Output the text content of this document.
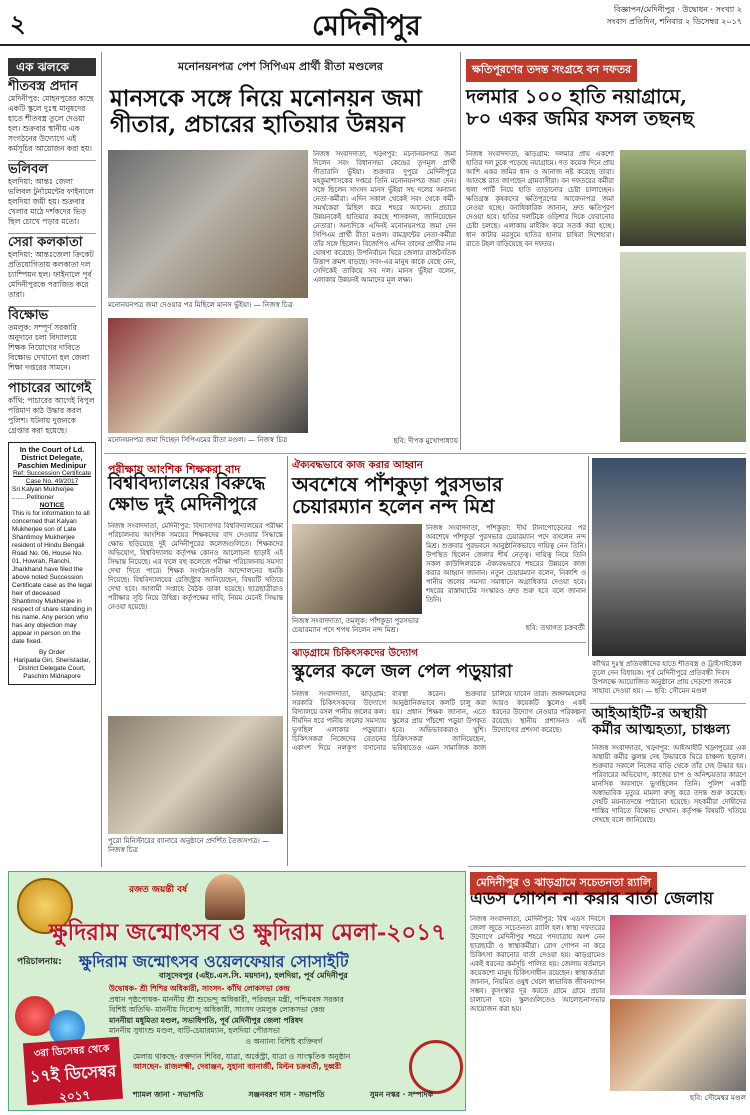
২	মেদিনীপুর	বিজ্ঞাপন/মেদিনীপুর · উদ্বোধন · সংখ্যা ২
সংবাদ প্রতিদিন, শনিবার ২ ডিসেম্বর ২০১৭
এক ঝলকে
শীতবস্ত্র প্রদান
মেদিনীপুর: মোহনপুরের কাছে একটি স্কুলে দুঃস্থ মানুষদের হাতে শীতবস্ত্র তুলে দেওয়া হল। শুক্রবার স্থানীয় এক সংগঠনের উদ্যোগে এই কর্মসূচির আয়োজন করা হয়।
ভলিবল
হলদিয়া: আন্তঃ জেলা ভলিবল টুর্নামেন্টের ফাইনালে হলদিয়া জয়ী হয়। শুক্রবার খেলার মাঠে দর্শকদের ভিড় ছিল চোখে পড়ার মতো।
সেরা কলকাতা
হলদিয়া: আন্তঃজেলা ক্রিকেট প্রতিযোগিতায় কলকাতা দল চ্যাম্পিয়ন হল। ফাইনালে পূর্ব মেদিনীপুরকে পরাজিত করে তারা।
বিক্ষোভ
তমলুক: সম্পূর্ণ সরকারি অনুদানে চলা বিদ্যালয়ে শিক্ষক নিয়োগের দাবিতে বিক্ষোভ দেখানো হল জেলা শিক্ষা দপ্তরের সামনে।
পাচারের আগেই
কাঁথি: পাচারের আগেই বিপুল পরিমাণ কাঠ উদ্ধার করল পুলিশ। ঘটনায় দুজনকে গ্রেপ্তার করা হয়েছে।
In the Court of Ld. District Delegate, Paschim Medinipur
Ref: Succession Certificate Case No. 49/2017
Sri Kalyan Mukherjee ........Petitioner
NOTICE
This is for information to all concerned that Kalyan Mukherjee son of Late Shantimoy Mukherjee resident of Hindu Bengali Road No. 06, House No. 01, Howrah, Ranchi, Jharkhand have filed the above noted Succession Certificate case as the legal heir of deceased Shantimoy Mukherjee in respect of share standing in his name. Any person who has any objection may appear in person on the date fixed.
By Order
Haripada Giri, Sheristadar, District Delegate Court, Paschim Midnapore
মনোনয়নপত্র পেশ সিপিএম প্রার্থী রীতা মণ্ডলের
মানসকে সঙ্গে নিয়ে মনোনয়ন জমা
গীতার, প্রচারের হাতিয়ার উন্নয়ন
মনোনয়নপত্র জমা দেওয়ার পর মিছিলে মানস ভুঁইয়া। — নিজস্ব চিত্র
মনোনয়নপত্র জমা দিচ্ছেন সিপিএমের রীতা মণ্ডল। — নিজস্ব চিত্র
নিজস্ব সংবাদদাতা, খড়্গপুর: মনোনয়নপত্র জমা দিলেন সবং বিধানসভা কেন্দ্রের তৃণমূল প্রার্থী গীতারানি ভুঁইয়া। শুক্রবার দুপুরে মেদিনীপুরে মহকুমাশাসকের দপ্তরে তিনি মনোনয়নপত্র জমা দেন। সঙ্গে ছিলেন সাংসদ মানস ভুঁইয়া সহ দলের অন্যান্য নেতা-কর্মীরা। এদিন সকাল থেকেই সবং থেকে কর্মী-সমর্থকেরা মিছিল করে শহরে আসেন। প্রচারে উন্নয়নকেই হাতিয়ার করছে শাসকদল, জানিয়েছেন নেতারা। অন্যদিকে এদিনই মনোনয়নপত্র জমা দেন সিপিএম প্রার্থী রীতা মণ্ডল। বামফ্রন্টের নেতা-কর্মীরা তাঁর সঙ্গে ছিলেন। বিজেপিও এদিন তাদের প্রার্থীর নাম ঘোষণা করেছে। উপনির্বাচন ঘিরে জেলার রাজনৈতিক উত্তাপ ক্রমশ বাড়ছে। সবং-এর মানুষ কাকে বেছে নেন, সেদিকেই তাকিয়ে সব দল। মানস ভুঁইয়া বলেন, এলাকার উন্নয়নই আমাদের মূল লক্ষ্য।
ছবি: দীপক মুখোপাধ্যায়
ক্ষতিপূরণের তদন্ত সংগ্রহে বন দফতর
দলমার ১০০ হাতি নয়াগ্রামে,
৮০ একর জমির ফসল তছনছ
নিজস্ব সংবাদদাতা, ঝাড়গ্রাম: দলমার প্রায় একশো হাতির দল ঢুকে পড়েছে নয়াগ্রামে। গত কয়েক দিনে প্রায় আশি একর জমির ধান ও আনাজ নষ্ট করেছে তারা। আতঙ্কে রাত জাগছেন গ্রামবাসীরা। বন দফতরের কর্মীরা হুলা পার্টি নিয়ে হাতি তাড়ানোর চেষ্টা চালাচ্ছেন। ক্ষতিগ্রস্ত কৃষকদের ক্ষতিপূরণের আবেদনপত্র জমা নেওয়া হচ্ছে। বনাধিকারিক জানান, দ্রুত ক্ষতিপূরণ দেওয়া হবে। হাতির দলটিকে ওড়িশার দিকে ফেরানোর চেষ্টা চলছে। এলাকায় মাইকিং করে সতর্ক করা হচ্ছে। ধান কাটার মরসুমে হাতির হানায় চাষিরা দিশেহারা। রাতে টহল বাড়িয়েছে বন দফতর।
পরীক্ষায় আংশিক শিক্ষকরা বাদ
বিশ্ববিদ্যালয়ের বিরুদ্ধে
ক্ষোভ দুই মেদিনীপুরে
নিজস্ব সংবাদদাতা, মেদিনীপুর: বিদ্যাসাগর বিশ্ববিদ্যালয়ের পরীক্ষা পরিচালনায় আংশিক সময়ের শিক্ষকদের বাদ দেওয়ার সিদ্ধান্তে ক্ষোভ ছড়িয়েছে দুই মেদিনীপুরের কলেজগুলিতে। শিক্ষকদের অভিযোগ, বিশ্ববিদ্যালয় কর্তৃপক্ষ কোনও আলোচনা ছাড়াই এই সিদ্ধান্ত নিয়েছে। এর ফলে বহু কলেজে পরীক্ষা পরিচালনায় সমস্যা দেখা দিতে পারে। শিক্ষক সংগঠনগুলি আন্দোলনের হুমকি দিয়েছে। বিশ্ববিদ্যালয়ের রেজিস্ট্রার জানিয়েছেন, বিষয়টি খতিয়ে দেখা হবে। আগামী সপ্তাহে বৈঠক ডাকা হয়েছে। ছাত্রছাত্রীরাও পরীক্ষার সূচি নিয়ে উদ্বিগ্ন। কর্তৃপক্ষের দাবি, নিয়ম মেনেই সিদ্ধান্ত নেওয়া হয়েছে।
পুরো মিনিস্টারের ব্যানারে অনুষ্ঠানে প্রদর্শিত তৈজসপত্র। — নিজস্ব চিত্র
ঐক্যবদ্ধভাবে কাজ করার আহ্বান
অবশেষে পাঁশকুড়া পুরসভার
চেয়ারম্যান হলেন নন্দ মিশ্র
নিজস্ব সংবাদদাতা, তমলুক: পাঁশকুড়া পুরসভার চেয়ারম্যান পদে শপথ নিলেন নন্দ মিশ্র।
নিজস্ব সংবাদদাতা, পাঁশকুড়া: দীর্ঘ টানাপোড়েনের পর অবশেষে পাঁশকুড়া পুরসভার চেয়ারম্যান পদে বসলেন নন্দ মিশ্র। শুক্রবার পুরভবনে আনুষ্ঠানিকভাবে দায়িত্ব নেন তিনি। উপস্থিত ছিলেন জেলার শীর্ষ নেতৃত্ব। দায়িত্ব নিয়ে তিনি সকল কাউন্সিলরকে ঐক্যবদ্ধভাবে শহরের উন্নয়নে কাজ করার আহ্বান জানান। নতুন চেয়ারম্যান বলেন, নিকাশি ও পানীয় জলের সমস্যা সমাধানে অগ্রাধিকার দেওয়া হবে। শহরের রাস্তাঘাটের সংস্কারও দ্রুত শুরু হবে বলে জানান তিনি।
ছবি: তথাগত চক্রবর্তী
কাঁথির দুঃস্থ প্রতিবন্ধীদের হাতে শীতবস্ত্র ও ট্রাইসাইকেল তুলে দেন বিধায়ক। পূর্ব মেদিনীপুরে প্রতিবন্ধী দিবস উপলক্ষে আয়োজিত অনুষ্ঠানে প্রায় দেড়শো জনকে সাহায্য দেওয়া হয়। — ছবি: সৌমেন মণ্ডল
ঝাড়গ্রামে চিকিৎসকদের উদ্যোগ
স্কুলের কলে জল পেল পড়ুয়ারা
নিজস্ব সংবাদদাতা, ঝাড়গ্রাম: সরকারি চিকিৎসকদের উদ্যোগে বিদ্যালয়ে বসল পানীয় জলের কল। দীর্ঘদিন ধরে পানীয় জলের সমস্যায় ভুগছিল এলাকার পড়ুয়ারা। চিকিৎসকরা নিজেদের বেতনের একাংশ দিয়ে নলকূপ বসানোর ব্যবস্থা করেন। শুক্রবার আনুষ্ঠানিকভাবে কলটি চালু করা হয়। প্রধান শিক্ষক জানান, এতে স্কুলের প্রায় পাঁচশো পড়ুয়া উপকৃত হবে। অভিভাবকরাও খুশি। চিকিৎসকরা জানিয়েছেন, ভবিষ্যতেও এমন সামাজিক কাজ চালিয়ে যাবেন তারা। জঙ্গলমহলের আরও কয়েকটি স্কুলেও একই ধরনের উদ্যোগ নেওয়ার পরিকল্পনা রয়েছে। স্থানীয় প্রশাসনও এই উদ্যোগের প্রশংসা করেছে।
আইআইটি-র অস্থায়ী
কর্মীর আত্মহত্যা, চাঞ্চল্য
নিজস্ব সংবাদদাতা, খড়্গপুর: আইআইটি খড়্গপুরের এক অস্থায়ী কর্মীর ঝুলন্ত দেহ উদ্ধারকে ঘিরে চাঞ্চল্য ছড়াল। শুক্রবার সকালে নিজের বাড়ি থেকে তাঁর দেহ উদ্ধার হয়। পরিবারের অভিযোগ, কাজের চাপ ও অনিশ্চয়তার কারণে মানসিক অবসাদে ভুগছিলেন তিনি। পুলিশ একটি অস্বাভাবিক মৃত্যুর মামলা রুজু করে তদন্ত শুরু করেছে। দেহটি ময়নাতদন্তে পাঠানো হয়েছে। সহকর্মীরা দোষীদের শাস্তির দাবিতে বিক্ষোভ দেখান। কর্তৃপক্ষ বিষয়টি খতিয়ে দেখছে বলে জানিয়েছে।
মেদিনীপুর ও ঝাড়গ্রামে সচেতনতা র‍্যালি
এডস গোপন না করার বার্তা জেলায়
নিজস্ব সংবাদদাতা, মেদিনীপুর: বিশ্ব এডস দিবসে জেলা জুড়ে সচেতনতা র‍্যালি হল। স্বাস্থ্য দফতরের উদ্যোগে মেদিনীপুর শহরে পদযাত্রায় অংশ নেন ছাত্রছাত্রী ও স্বাস্থ্যকর্মীরা। রোগ গোপন না করে চিকিৎসা করানোর বার্তা দেওয়া হয়। ঝাড়গ্রামেও একই ধরনের কর্মসূচি পালিত হয়। জেলায় বর্তমানে কয়েকশো মানুষ চিকিৎসাধীন রয়েছেন। স্বাস্থ্যকর্তারা জানান, নিয়মিত ওষুধ খেলে স্বাভাবিক জীবনযাপন সম্ভব। কুসংস্কার দূর করতে গ্রামে গ্রামে প্রচার চালানো হবে। স্কুলগুলিতেও আলোচনাসভার আয়োজন করা হয়।
ছবি: সৌমেশ্বর মণ্ডল
রজত জয়ন্তী বর্ষ
ক্ষুদিরাম জন্মোৎসব ও ক্ষুদিরাম মেলা-২০১৭
পরিচালনায়: ক্ষুদিরাম জন্মোৎসব ওয়েলফেয়ার সোসাইটি
বাসুদেবপুর (এইচ.এস.সি. ময়দান), হলদিয়া, পূর্ব মেদিনীপুর
উদ্বোধক- শ্রী শিশির অধিকারী, সাংসদ- কাঁথি লোকসভা কেন্দ্র
প্রধান পৃষ্ঠপোষক- মাননীয় শ্রী শুভেন্দু অধিকারী, পরিবহন মন্ত্রী, পশ্চিমবঙ্গ সরকার
বিশিষ্ট অতিথি- মাননীয় দিব্যেন্দু অধিকারী, সাংসদ তমলুক লোকসভা কেন্দ্র
মাননীয়া মধুমিতা মণ্ডল, সভাধিপতি, পূর্ব মেদিনীপুর জেলা পরিষদ
মাননীয় সুধাংশু মণ্ডল, বাটি-চেয়ারম্যান, হলদিয়া পৌরসভা
ও অন্যান্য বিশিষ্ট ব্যক্তিবর্গ
৩রা ডিসেম্বর থেকে
১৭ই ডিসেম্বর
২০১৭
মেলায় থাকছে- রক্তদান শিবির, যাত্রা, অর্কেস্ট্রা, যাত্রা ও সাংস্কৃতিক অনুষ্ঠান
আসছেন- রাজলক্ষ্মী, দেবাঞ্জন, সুহানা ব্যানার্জী, মিল্টন চক্রবর্তী, দুধ্বরী
শ্যামল জানা · সভাপতি	সঞ্জনবরণ দাস · সভাপতি	সুমন নস্কর · সম্পাদক
